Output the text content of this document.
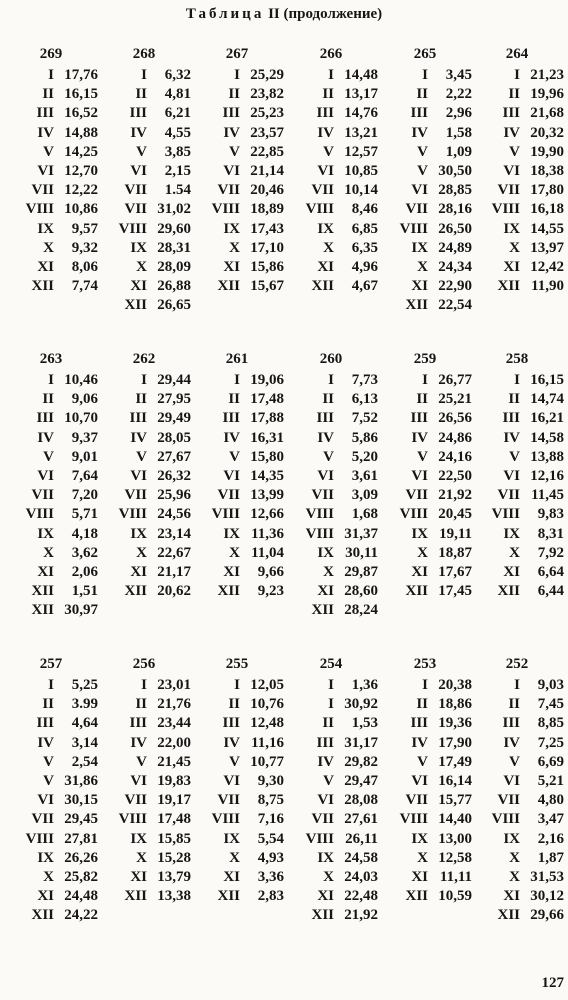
Таблица II (продолжение)
269
I 17,76
II 16,15
III 16,52
IV 14,88
V 14,25
VI 12,70
VII 12,22
VIII 10,86
IX	9,57
X	9,32
XI	8,06
XII	7,74
268
I	6,32
II	4,81
III	6,21
IV	4,55
V	3,85
VI	2,15
VII	1.54
VII 31,02
VIII 29,60
IX 28,31
X 28,09
XI 26,88
XII 26,65
267
I 25,29
II 23,82
III 25,23
IV 23,57
V 22,85
VI 21,14
VII 20,46
VIII 18,89
IX 17,43
X 17,10
XI 15,86
XII 15,67
266
I 14,48
II 13,17
III 14,76
IV 13,21
V 12,57
VI 10,85
VII 10,14
VIII	8,46
IX	6,85
X	6,35
XI	4,96
XII	4,67
265
I	3,45
II	2,22
III	2,96
IV	1,58
V	1,09
V 30,50
VI 28,85
VII 28,16
VIII 26,50
IX 24,89
X 24,34
XI 22,90
XII 22,54
264
I 21,23
II 19,96
III 21,68
IV 20,32
V 19,90
VI 18,38
VII 17,80
VIII 16,18
IX 14,55
X 13,97
XI 12,42
XII 11,90
263
I 10,46
II	9,06
III 10,70
IV	9,37
V	9,01
VI	7,64
VII	7,20
VIII	5,71
IX	4,18
X	3,62
XI	2,06
XII	1,51
XII 30,97
262
I 29,44
II 27,95
III 29,49
IV 28,05
V 27,67
VI 26,32
VII 25,96
VIII 24,56
IX 23,14
X 22,67
XI 21,17
XII 20,62
261
I 19,06
II 17,48
III 17,88
IV 16,31
V 15,80
VI 14,35
VII 13,99
VIII 12,66
IX 11,36
X 11,04
XI	9,66
XII	9,23
260
I	7,73
II	6,13
III	7,52
IV	5,86
V	5,20
VI	3,61
VII	3,09
VIII	1,68
VIII 31,37
IX 30,11
X 29,87
XI 28,60
XII 28,24
259
I 26,77
II 25,21
III 26,56
IV 24,86
V 24,16
VI 22,50
VII 21,92
VIII 20,45
IX 19,11
X 18,87
XI 17,67
XII 17,45
258
I 16,15
II 14,74
III 16,21
IV 14,58
V 13,88
VI 12,16
VII 11,45
VIII	9,83
IX	8,31
X	7,92
XI	6,64
XII	6,44
257
I	5,25
II	3.99
III	4,64
IV	3,14
V	2,54
V 31,86
VI 30,15
VII 29,45
VIII 27,81
IX 26,26
X 25,82
XI 24,48
XII 24,22
256
I 23,01
II 21,76
III 23,44
IV 22,00
V 21,45
VI 19,83
VII 19,17
VIII 17,48
IX 15,85
X 15,28
XI 13,79
XII 13,38
255
I 12,05
II 10,76
III 12,48
IV 11,16
V 10,77
VI	9,30
VII	8,75
VIII	7,16
IX	5,54
X	4,93
XI	3,36
XII	2,83
254
I	1,36
I 30,92
II	1,53
III 31,17
IV 29,82
V 29,47
VI 28,08
VII 27,61
VIII 26,11
IX 24,58
X 24,03
XI 22,48
XII 21,92
253
I 20,38
II 18,86
III 19,36
IV 17,90
V 17,49
VI 16,14
VII 15,77
VIII 14,40
IX 13,00
X 12,58
XI 11,11
XII 10,59
252
I	9,03
II	7,45
III	8,85
IV	7,25
V	6,69
VI	5,21
VII	4,80
VIII	3,47
IX	2,16
X	1,87
X 31,53
XI 30,12
XII 29,66
127
